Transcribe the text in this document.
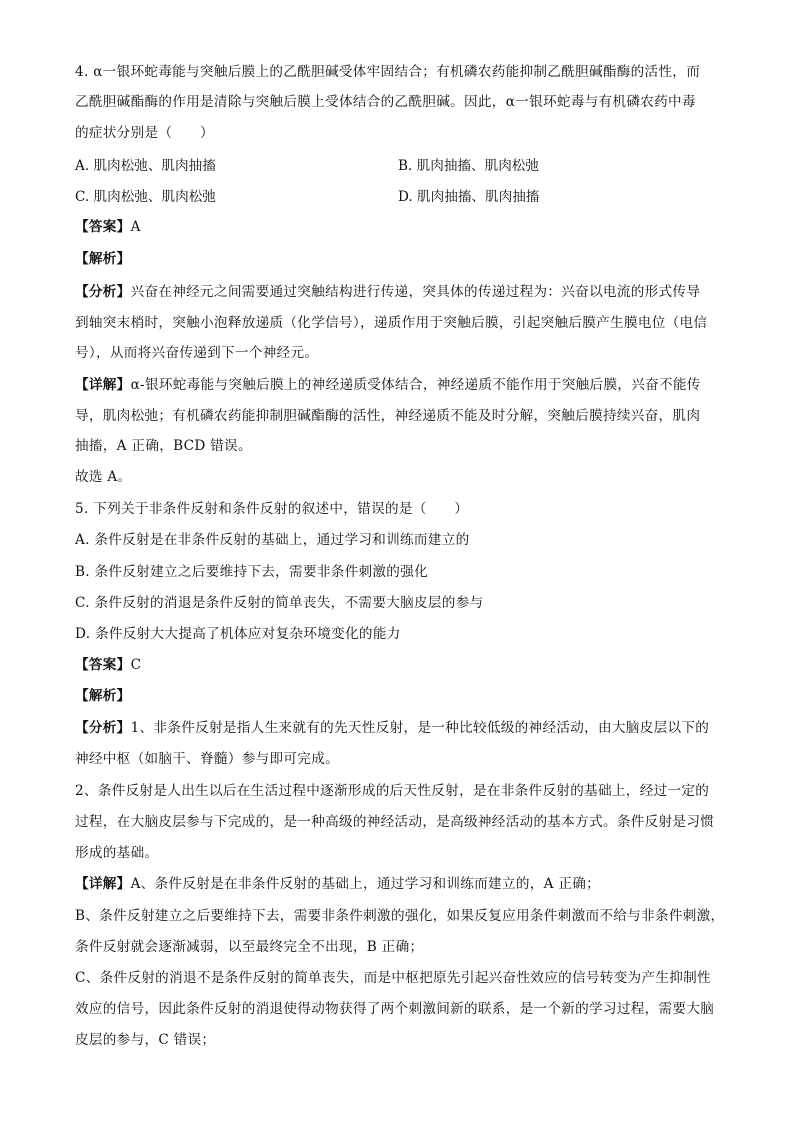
4. α一银环蛇毒能与突触后膜上的乙酰胆碱受体牢固结合；有机磷农药能抑制乙酰胆碱酯酶的活性，而
乙酰胆碱酯酶的作用是清除与突触后膜上受体结合的乙酰胆碱。因此，α一银环蛇毒与有机磷农药中毒
的症状分别是（　　）
A. 肌肉松弛、肌肉抽搐	B. 肌肉抽搐、肌肉松弛
C. 肌肉松弛、肌肉松弛	D. 肌肉抽搐、肌肉抽搐
【答案】A
【解析】
【分析】兴奋在神经元之间需要通过突触结构进行传递，突具体的传递过程为：兴奋以电流的形式传导
到轴突末梢时，突触小泡释放递质（化学信号），递质作用于突触后膜，引起突触后膜产生膜电位（电信
号），从而将兴奋传递到下一个神经元。
【详解】α-银环蛇毒能与突触后膜上的神经递质受体结合，神经递质不能作用于突触后膜，兴奋不能传
导，肌肉松弛；有机磷农药能抑制胆碱酯酶的活性，神经递质不能及时分解，突触后膜持续兴奋，肌肉
抽搐，A 正确，BCD 错误。
故选 A。
5. 下列关于非条件反射和条件反射的叙述中，错误的是（　　）
A. 条件反射是在非条件反射的基础上，通过学习和训练而建立的
B. 条件反射建立之后要维持下去，需要非条件刺激的强化
C. 条件反射的消退是条件反射的简单丧失，不需要大脑皮层的参与
D. 条件反射大大提高了机体应对复杂环境变化的能力
【答案】C
【解析】
【分析】1、非条件反射是指人生来就有的先天性反射，是一种比较低级的神经活动，由大脑皮层以下的
神经中枢（如脑干、脊髓）参与即可完成。
2、条件反射是人出生以后在生活过程中逐渐形成的后天性反射，是在非条件反射的基础上，经过一定的
过程，在大脑皮层参与下完成的，是一种高级的神经活动，是高级神经活动的基本方式。条件反射是习惯
形成的基础。
【详解】A、条件反射是在非条件反射的基础上，通过学习和训练而建立的，A 正确；
B、条件反射建立之后要维持下去，需要非条件刺激的强化，如果反复应用条件刺激而不给与非条件刺激，
条件反射就会逐渐减弱，以至最终完全不出现，B 正确；
C、条件反射的消退不是条件反射的简单丧失，而是中枢把原先引起兴奋性效应的信号转变为产生抑制性
效应的信号，因此条件反射的消退使得动物获得了两个刺激间新的联系，是一个新的学习过程，需要大脑
皮层的参与，C 错误；
